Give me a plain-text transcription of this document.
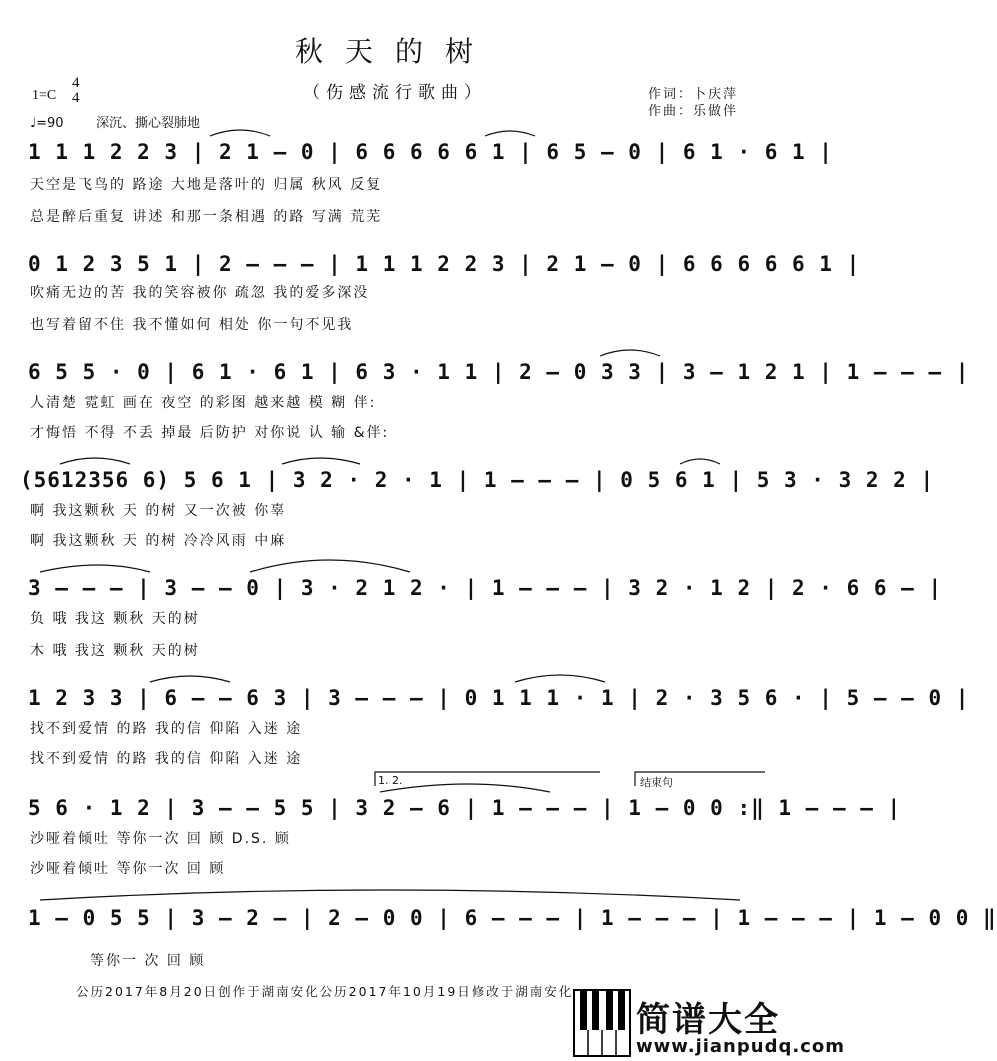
秋天的树
（伤感流行歌曲）
1=C
4
4
♩=90 深沉、撕心裂肺地
作词：卜庆萍
作曲：乐做伴
1 1 1 2 2 3 | 2 1 – 0 | 6 6 6 6 6 1 | 6 5 – 0 | 6 1 · 6 1 |
天空是飞鸟的 路途 大地是落叶的 归属 秋风 反复
总是醉后重复 讲述 和那一条相遇 的路 写满 荒芜
0 1 2 3 5 1 | 2 – – – | 1 1 1 2 2 3 | 2 1 – 0 | 6 6 6 6 6 1 |
吹痛无边的苦 我的笑容被你 疏忽 我的爱多深没
也写着留不住 我不懂如何 相处 你一句不见我
6 5 5 · 0 | 6 1 · 6 1 | 6 3 · 1 1 | 2 – 0 3 3 | 3 – 1 2 1 | 1 – – – |
人清楚 霓虹 画在 夜空 的彩图 越来越 模 糊 伴:
才悔悟 不得 不丢 掉最 后防护 对你说 认 输 &伴:
(5612356 6) 5 6 1 | 3 2 · 2 · 1 | 1 – – – | 0 5 6 1 | 5 3 · 3 2 2 |
啊 我这颗秋 天 的树 又一次被 你辜
啊 我这颗秋 天 的树 冷冷风雨 中麻
3 – – – | 3 – – 0 | 3 · 2 1 2 · | 1 – – – | 3 2 · 1 2 | 2 · 6 6 – |
负 哦 我这 颗秋 天的树
木 哦 我这 颗秋 天的树
1 2 3 3 | 6 – – 6 3 | 3 – – – | 0 1 1 1 · 1 | 2 · 3 5 6 · | 5 – – 0 |
找不到爱情 的路 我的信 仰陷 入迷 途
找不到爱情 的路 我的信 仰陷 入迷 途
1. 2.	结束句
5 6 · 1 2 | 3 – – 5 5 | 3 2 – 6 | 1 – – – | 1 – 0 0 :‖ 1 – – – |
沙哑着倾吐 等你一次 回 顾 D.S. 顾
沙哑着倾吐 等你一次 回 顾
1 – 0 5 5 | 3 – 2 – | 2 – 0 0 | 6 – – – | 1 – – – | 1 – – – | 1 – 0 0 ‖
等你一 次 回 顾
公历2017年8月20日创作于湖南安化公历2017年10月19日修改于湖南安化
简谱大全
www.jianpudq.com
